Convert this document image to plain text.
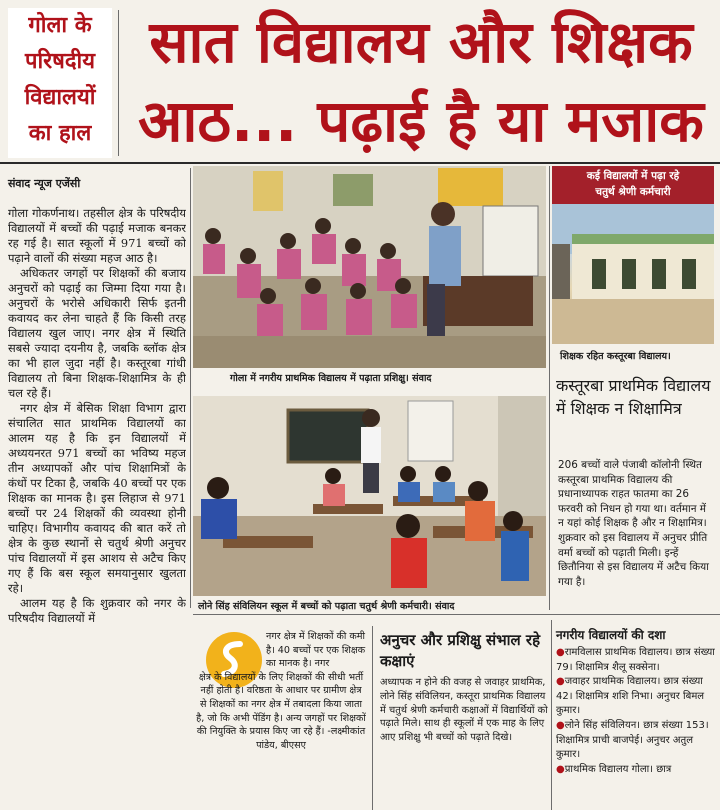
गोला के
परिषदीय
विद्यालयों
का हाल
सात विद्यालय और शिक्षक
आठ... पढ़ाई है या मजाक
संवाद न्यूज एजेंसी

गोला गोकर्णनाथ। तहसील क्षेत्र के परिषदीय विद्यालयों में बच्चों की पढ़ाई मजाक बनकर रह गई है। सात स्कूलों में 971 बच्चों को पढ़ाने वालों की संख्या महज आठ है।

अधिकतर जगहों पर शिक्षकों की बजाय अनुचरों को पढ़ाई का जिम्मा दिया गया है। अनुचरों के भरोसे अधिकारी सिर्फ इतनी कवायद कर लेना चाहते हैं कि किसी तरह विद्यालय खुल जाए। नगर क्षेत्र में स्थिति सबसे ज्यादा दयनीय है, जबकि ब्लॉक क्षेत्र का भी हाल जुदा नहीं है। कस्तूरबा गांधी विद्यालय तो बिना शिक्षक-शिक्षामित्र के ही चल रहे हैं।

नगर क्षेत्र में बेसिक शिक्षा विभाग द्वारा संचालित सात प्राथमिक विद्यालयों का आलम यह है कि इन विद्यालयों में अध्ययनरत 971 बच्चों का भविष्य महज तीन अध्यापकों और पांच शिक्षामित्रों के कंधों पर टिका है, जबकि 40 बच्चों पर एक शिक्षक का मानक है। इस लिहाज से 971 बच्चों पर 24 शिक्षकों की व्यवस्था होनी चाहिए। विभागीय कवायद की बात करें तो क्षेत्र के कुछ स्थानों से चतुर्थ श्रेणी अनुचर पांच विद्यालयों में इस आशय से अटैच किए गए हैं कि बस स्कूल समयानुसार खुलता रहे।

आलम यह है कि शुक्रवार को नगर के परिषदीय विद्यालयों में

गोला में नगरीय प्राथमिक विद्यालय में पढ़ाता प्रशिक्षु। संवाद
लोने सिंह संविलियन स्कूल में बच्चों को पढ़ाता चतुर्थ श्रेणी कर्मचारी। संवाद
कई विद्यालयों में पढ़ा रहे
चतुर्थ श्रेणी कर्मचारी
शिक्षक रहित कस्तूरबा विद्यालय।
कस्तूरबा प्राथमिक विद्यालय में शिक्षक न शिक्षामित्र
206 बच्चों वाले पंजाबी कॉलोनी स्थित कस्तूरबा प्राथमिक विद्यालय की प्रधानाध्यापक राहत फातमा का 26 फरवरी को निधन हो गया था। वर्तमान में न यहां कोई शिक्षक है और न शिक्षामित्र। शुक्रवार को इस विद्यालय में अनुचर प्रीति वर्मा बच्चों को पढ़ाती मिली। इन्हें छितौनिया से इस विद्यालय में अटैच किया गया है।
नगर क्षेत्र में शिक्षकों की कमी है। 40 बच्चों पर एक शिक्षक का मानक है। नगर
क्षेत्र के विद्यालयों के लिए शिक्षकों की सीधी भर्ती नहीं होती है। वरिष्ठता के आधार पर ग्रामीण क्षेत्र से शिक्षकों का नगर क्षेत्र में तबादला किया जाता है, जो कि अभी पेंडिंग है। अन्य जगहों पर शिक्षकों की नियुक्ति के प्रयास किए जा रहे हैं। -लक्ष्मीकांत पांडेय, बीएसए
अनुचर और प्रशिक्षु संभाल रहे कक्षाएं
अध्यापक न होने की वजह से जवाहर प्राथमिक, लोने सिंह संविलियन, कस्तूरा प्राथमिक विद्यालय में चतुर्थ श्रेणी कर्मचारी कक्षाओं में विद्यार्थियों को पढ़ाते मिले। साथ ही स्कूलों में एक माह के लिए आए प्रशिक्षु भी बच्चों को पढ़ाते दिखे।
नगरीय विद्यालयों की दशा
●रामविलास प्राथमिक विद्यालय। छात्र संख्या 79। शिक्षामित्र शैलू सक्सेना।
●जवाहर प्राथमिक विद्यालय। छात्र संख्या 42। शिक्षामित्र शशि निभा। अनुचर बिमल कुमार।
●लोने सिंह संविलियन। छात्र संख्या 153। शिक्षामित्र प्राची बाजपेई। अनुचर अतुल कुमार।
●प्राथमिक विद्यालय गोला। छात्र
